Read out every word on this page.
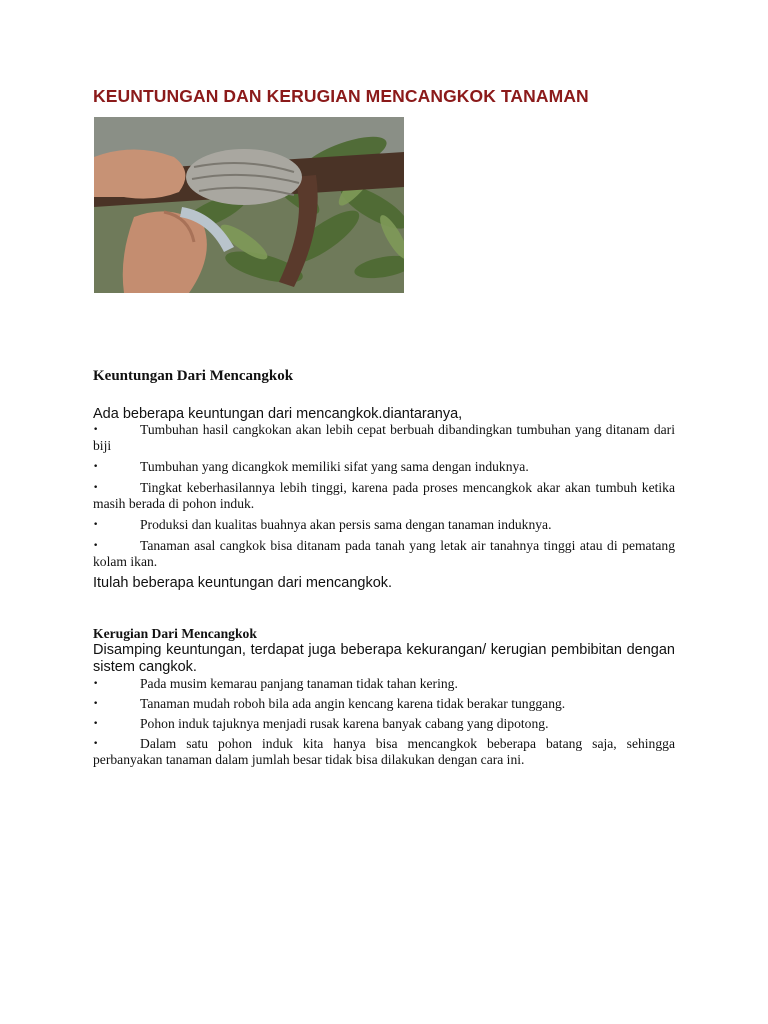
KEUNTUNGAN DAN KERUGIAN MENCANGKOK TANAMAN
Keuntungan Dari Mencangkok
Ada beberapa keuntungan dari mencangkok.diantaranya,
•	Tumbuhan hasil cangkokan akan lebih cepat berbuah dibandingkan tumbuhan yang ditanam dari biji
•	Tumbuhan yang dicangkok memiliki sifat yang sama dengan induknya.
•	Tingkat keberhasilannya lebih tinggi, karena pada proses mencangkok akar akan tumbuh ketika masih berada di pohon induk.
•	Produksi dan kualitas buahnya akan persis sama dengan tanaman induknya.
•	Tanaman asal cangkok bisa ditanam pada tanah yang letak air tanahnya tinggi atau di pematang kolam ikan.
Itulah beberapa keuntungan dari mencangkok.
Kerugian Dari Mencangkok
Disamping keuntungan, terdapat juga beberapa kekurangan/ kerugian pembibitan dengan sistem cangkok.
•	Pada musim kemarau panjang tanaman tidak tahan kering.
•	Tanaman mudah roboh bila ada angin kencang karena tidak berakar tunggang.
•	Pohon induk tajuknya menjadi rusak karena banyak cabang yang dipotong.
•	Dalam satu pohon induk kita hanya bisa mencangkok beberapa batang saja, sehingga perbanyakan tanaman dalam jumlah besar tidak bisa dilakukan dengan cara ini.
